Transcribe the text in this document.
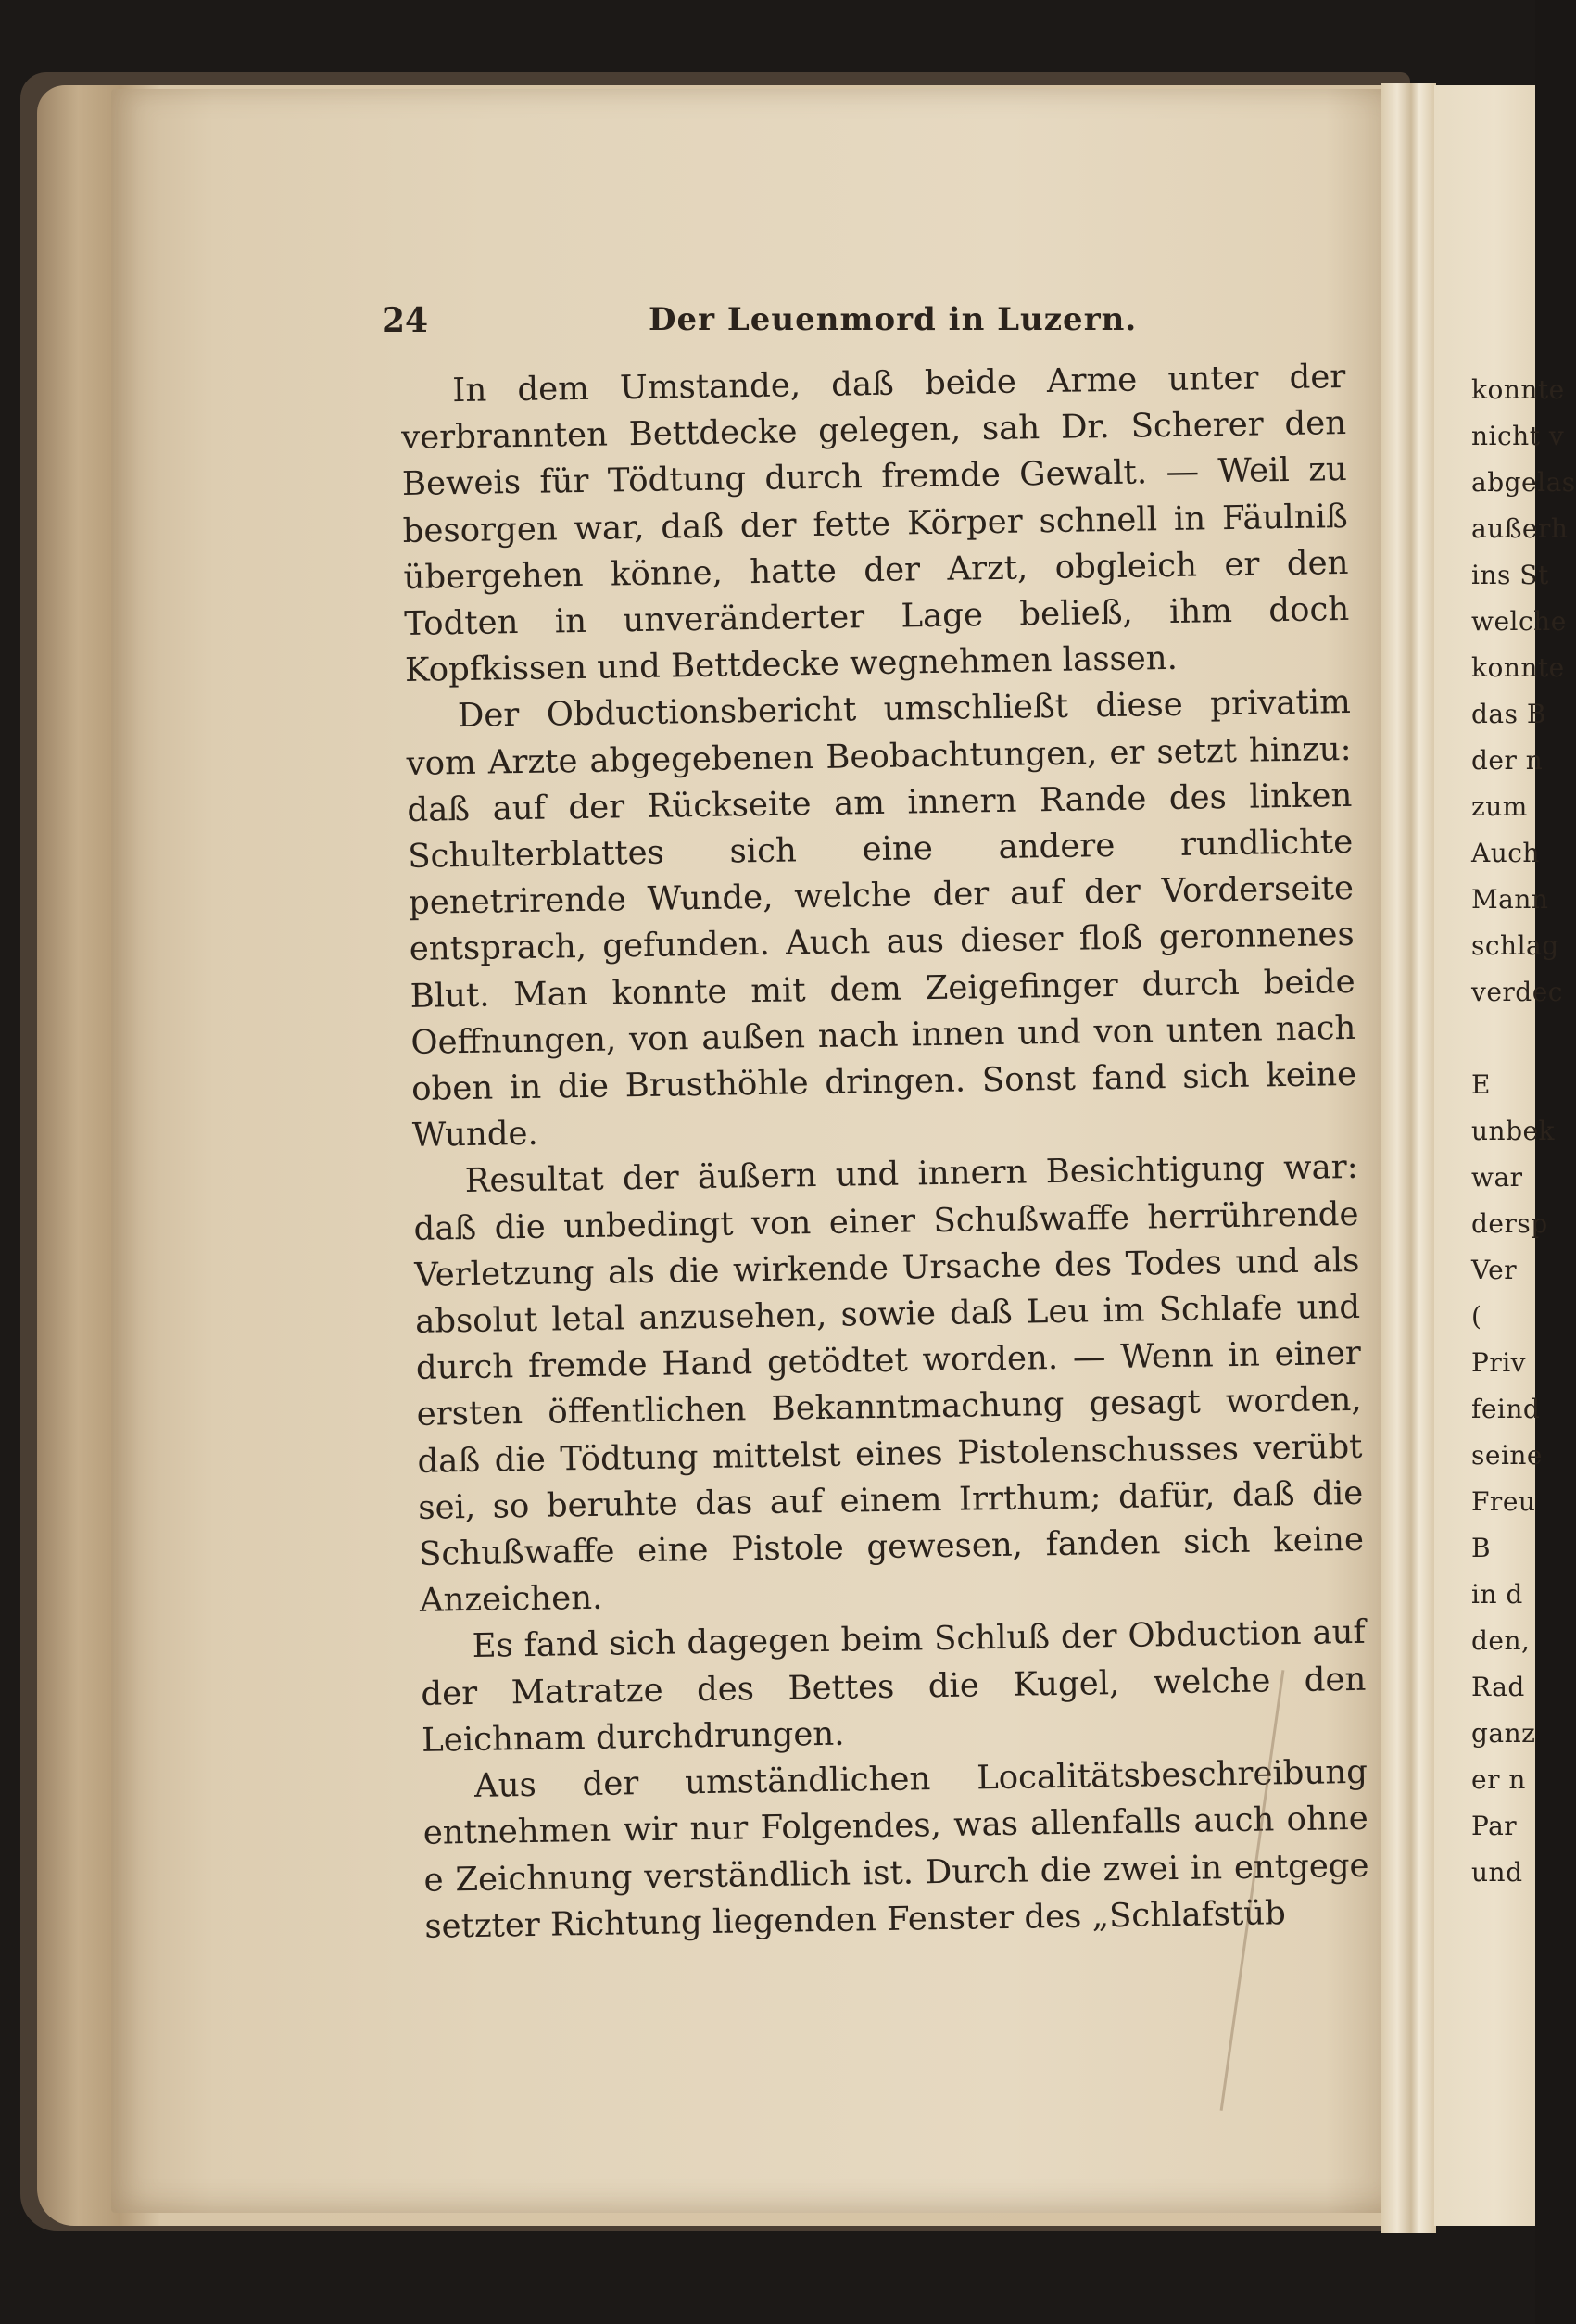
konnte
nicht v
abgelas
außerh
ins St
welche
konnte
das B
der n
zum
Auch
Mann
schlag
verdec
E
unbek
war
dersp
Ver
(
Priv
feind
seine
Freu
B
in d
den,
Rad
ganz
er n
Par
und
24	Der Leuenmord in Luzern.

In dem Umstande, daß beide Arme unter der verbrannten Bettdecke gelegen, sah Dr. Scherer den Beweis für Tödtung durch fremde Gewalt. — Weil zu besorgen war, daß der fette Körper schnell in Fäulniß übergehen könne, hatte der Arzt, obgleich er den Todten in unveränderter Lage beließ, ihm doch Kopfkissen und Bettdecke wegnehmen lassen.

Der Obductionsbericht umschließt diese privatim vom Arzte abgegebenen Beobachtungen, er setzt hinzu: daß auf der Rückseite am innern Rande des linken Schulterblattes sich eine andere rundlichte penetrirende Wunde, welche der auf der Vorderseite entsprach, gefunden. Auch aus dieser floß geronnenes Blut. Man konnte mit dem Zeigefinger durch beide Oeffnungen, von außen nach innen und von unten nach oben in die Brusthöhle dringen. Sonst fand sich keine Wunde.

Resultat der äußern und innern Besichtigung war: daß die unbedingt von einer Schußwaffe herrührende Verletzung als die wirkende Ursache des Todes und als absolut letal anzusehen, sowie daß Leu im Schlafe und durch fremde Hand getödtet worden. — Wenn in einer ersten öffentlichen Bekanntmachung gesagt worden, daß die Tödtung mittelst eines Pistolenschusses verübt sei, so beruhte das auf einem Irrthum; dafür, daß die Schußwaffe eine Pistole gewesen, fanden sich keine Anzeichen.

Es fand sich dagegen beim Schluß der Obduction auf der Matratze des Bettes die Kugel, welche den Leichnam durchdrungen.

Aus der umständlichen Localitätsbeschreibung entnehmen wir nur Folgendes, was allenfalls auch ohne e Zeichnung verständlich ist. Durch die zwei in entgege setzter Richtung liegenden Fenster des „Schlafstüb
